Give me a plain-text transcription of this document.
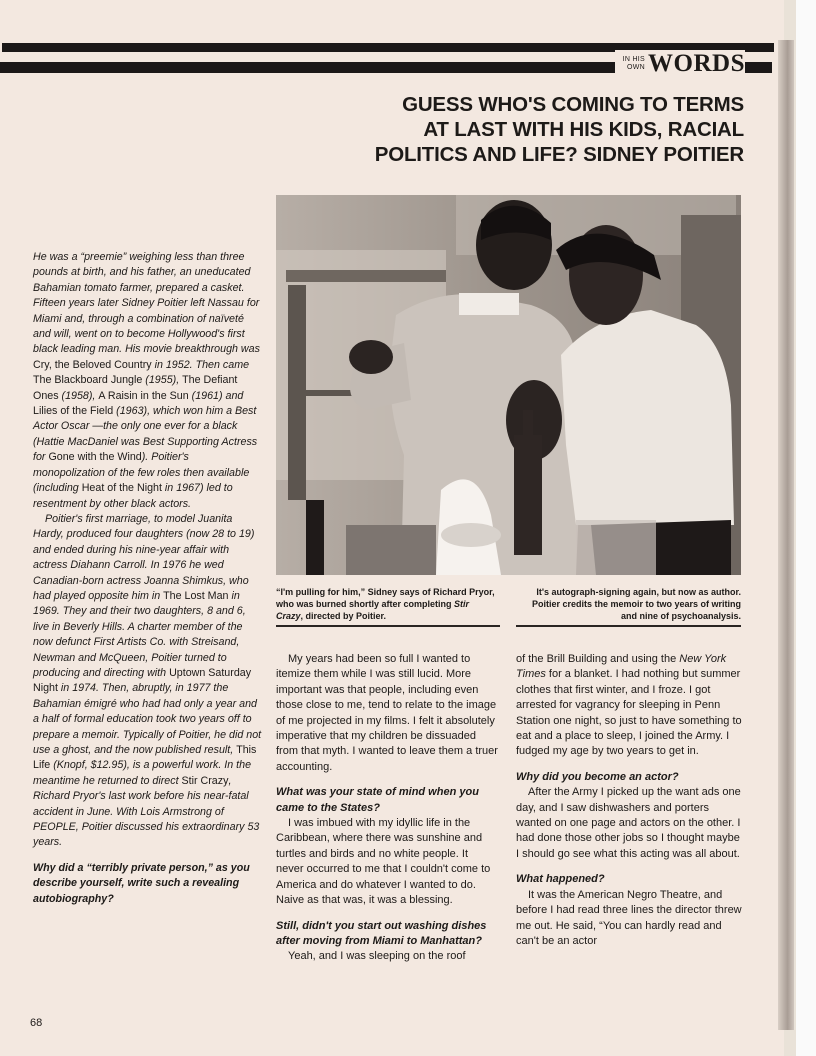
IN HIS
OWN WORDS
GUESS WHO'S COMING TO TERMS
AT LAST WITH HIS KIDS, RACIAL
POLITICS AND LIFE? SIDNEY POITIER
“I'm pulling for him,” Sidney says of Richard Pryor, who was burned shortly after completing Stir Crazy, directed by Poitier.
It's autograph-signing again, but now as author. Poitier credits the memoir to two years of writing and nine of psychoanalysis.

He was a “preemie” weighing less than three pounds at birth, and his father, an uneducated Bahamian tomato farmer, prepared a casket. Fifteen years later Sidney Poitier left Nassau for Miami and, through a combination of naïveté and will, went on to become Hollywood's first black leading man. His movie breakthrough was Cry, the Beloved Country in 1952. Then came The Blackboard Jungle (1955), The Defiant Ones (1958), A Raisin in the Sun (1961) and Lilies of the Field (1963), which won him a Best Actor Oscar —the only one ever for a black (Hattie MacDaniel was Best Supporting Actress for Gone with the Wind). Poitier's monopolization of the few roles then available (including Heat of the Night in 1967) led to resentment by other black actors.

Poitier's first marriage, to model Juanita Hardy, produced four daughters (now 28 to 19) and ended during his nine-year affair with actress Diahann Carroll. In 1976 he wed Canadian-born actress Joanna Shimkus, who had played opposite him in The Lost Man in 1969. They and their two daughters, 8 and 6, live in Beverly Hills. A charter member of the now defunct First Artists Co. with Streisand, Newman and McQueen, Poitier turned to producing and directing with Uptown Saturday Night in 1974. Then, abruptly, in 1977 the Bahamian émigré who had had only a year and a half of formal education took two years off to prepare a memoir. Typically of Poitier, he did not use a ghost, and the now published result, This Life (Knopf, $12.95), is a powerful work. In the meantime he returned to direct Stir Crazy, Richard Pryor's last work before his near-fatal accident in June. With Lois Armstrong of PEOPLE, Poitier discussed his extraordinary 53 years.

Why did a “terribly private person,” as you describe yourself, write such a revealing autobiography?

My years had been so full I wanted to itemize them while I was still lucid. More important was that people, including even those close to me, tend to relate to the image of me projected in my films. I felt it absolutely imperative that my children be dissuaded from that myth. I wanted to leave them a truer accounting.

What was your state of mind when you came to the States?

I was imbued with my idyllic life in the Caribbean, where there was sunshine and turtles and birds and no white people. It never occurred to me that I couldn't come to America and do whatever I wanted to do. Naive as that was, it was a blessing.

Still, didn't you start out washing dishes after moving from Miami to Manhattan?

Yeah, and I was sleeping on the roof

of the Brill Building and using the New York Times for a blanket. I had nothing but summer clothes that first winter, and I froze. I got arrested for vagrancy for sleeping in Penn Station one night, so just to have something to eat and a place to sleep, I joined the Army. I fudged my age by two years to get in.

Why did you become an actor?

After the Army I picked up the want ads one day, and I saw dishwashers and porters wanted on one page and actors on the other. I had done those other jobs so I thought maybe I should go see what this acting was all about.

What happened?

It was the American Negro Theatre, and before I had read three lines the director threw me out. He said, “You can hardly read and can't be an actor

68
